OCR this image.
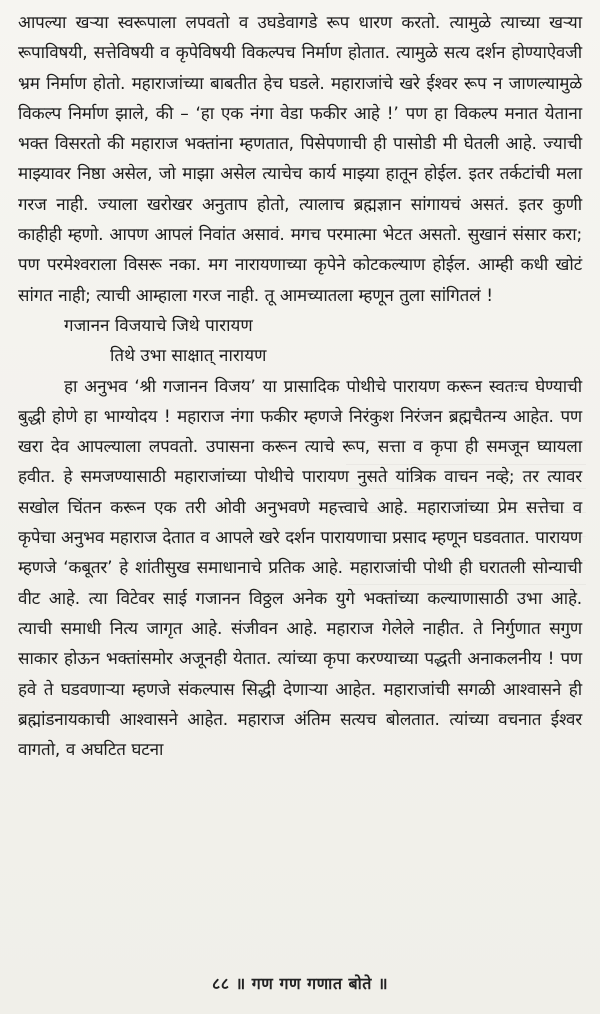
आपल्या खऱ्या स्वरूपाला लपवतो व उघडेवागडे रूप धारण करतो. त्यामुळे त्याच्या खऱ्या रूपाविषयी, सत्तेविषयी व कृपेविषयी विकल्पच निर्माण होतात. त्यामुळे सत्य दर्शन होण्याऐवजी भ्रम निर्माण होतो. महाराजांच्या बाबतीत हेच घडले. महाराजांचे खरे ईश्वर रूप न जाणल्यामुळे विकल्प निर्माण झाले, की – ‘हा एक नंगा वेडा फकीर आहे !’ पण हा विकल्प मनात येताना भक्त विसरतो की महाराज भक्तांना म्हणतात, पिसेपणाची ही पासोडी मी घेतली आहे. ज्याची माझ्यावर निष्ठा असेल, जो माझा असेल त्याचेच कार्य माझ्या हातून होईल. इतर तर्कटांची मला गरज नाही. ज्याला खरोखर अनुताप होतो, त्यालाच ब्रह्मज्ञान सांगायचं असतं. इतर कुणी काहीही म्हणो. आपण आपलं निवांत असावं. मगच परमात्मा भेटत असतो. सुखानं संसार करा; पण परमेश्वराला विसरू नका. मग नारायणाच्या कृपेने कोटकल्याण होईल. आम्ही कधी खोटं सांगत नाही; त्याची आम्हाला गरज नाही. तू आमच्यातला म्हणून तुला सांगितलं !

गजानन विजयाचे जिथे पारायण

तिथे उभा साक्षात् नारायण

हा अनुभव ‘श्री गजानन विजय’ या प्रासादिक पोथीचे पारायण करून स्वतःच घेण्याची बुद्धी होणे हा भाग्योदय ! महाराज नंगा फकीर म्हणजे निरंकुश निरंजन ब्रह्मचैतन्य आहेत. पण खरा देव आपल्याला लपवतो. उपासना करून त्याचे रूप, सत्ता व कृपा ही समजून घ्यायला हवीत. हे समजण्यासाठी महाराजांच्या पोथीचे पारायण नुसते यांत्रिक वाचन नव्हे; तर त्यावर सखोल चिंतन करून एक तरी ओवी अनुभवणे महत्त्वाचे आहे. महाराजांच्या प्रेम सत्तेचा व कृपेचा अनुभव महाराज देतात व आपले खरे दर्शन पारायणाचा प्रसाद म्हणून घडवतात. पारायण म्हणजे ‘कबूतर’ हे शांतीसुख समाधानाचे प्रतिक आहे. महाराजांची पोथी ही घरातली सोन्याची वीट आहे. त्या विटेवर साई गजानन विठ्ठल अनेक युगे भक्तांच्या कल्याणासाठी उभा आहे. त्याची समाधी नित्य जागृत आहे. संजीवन आहे. महाराज गेलेले नाहीत. ते निर्गुणात सगुण साकार होऊन भक्तांसमोर अजूनही येतात. त्यांच्या कृपा करण्याच्या पद्धती अनाकलनीय ! पण हवे ते घडवणाऱ्या म्हणजे संकल्पास सिद्धी देणाऱ्या आहेत. महाराजांची सगळी आश्वासने ही ब्रह्मांडनायकाची आश्वासने आहेत. महाराज अंतिम सत्यच बोलतात. त्यांच्या वचनात ईश्वर वागतो, व अघटित घटना

८८ ॥ गण गण गणात बोते ॥
